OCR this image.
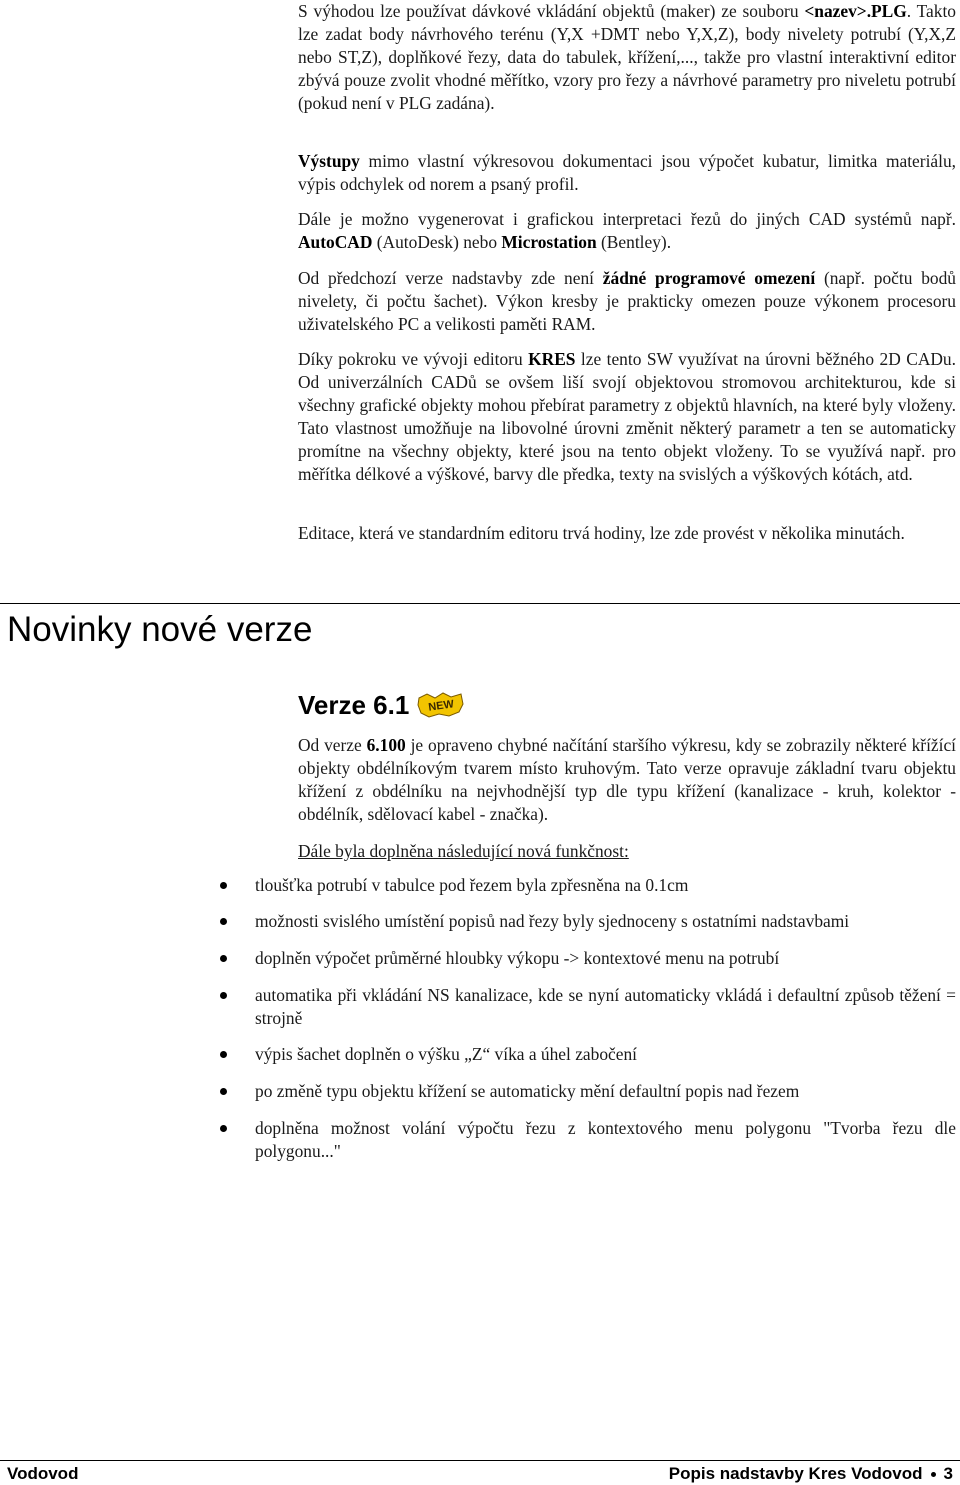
S výhodou lze používat dávkové vkládání objektů (maker) ze souboru <nazev>.PLG. Takto lze zadat body návrhového terénu (Y,X +DMT nebo Y,X,Z), body nivelety potrubí (Y,X,Z nebo ST,Z), doplňkové řezy, data do tabulek, křížení,..., takže pro vlastní interaktivní editor zbývá pouze zvolit vhodné měřítko, vzory pro řezy a návrhové parametry pro niveletu potrubí (pokud není v PLG zadána).

Výstupy mimo vlastní výkresovou dokumentaci jsou výpočet kubatur, limitka materiálu, výpis odchylek od norem a psaný profil.

Dále je možno vygenerovat i grafickou interpretaci řezů do jiných CAD systémů např. AutoCAD (AutoDesk) nebo Microstation (Bentley).

Od předchozí verze nadstavby zde není žádné programové omezení (např. počtu bodů nivelety, či počtu šachet). Výkon kresby je prakticky omezen pouze výkonem procesoru uživatelského PC a velikosti paměti RAM.

Díky pokroku ve vývoji editoru KRES lze tento SW využívat na úrovni běžného 2D CADu. Od univerzálních CADů se ovšem liší svojí objektovou stromovou architekturou, kde si všechny grafické objekty mohou přebírat parametry z objektů hlavních, na které byly vloženy. Tato vlastnost umožňuje na libovolné úrovni změnit některý parametr a ten se automaticky promítne na všechny objekty, které jsou na tento objekt vloženy. To se využívá např. pro měřítka délkové a výškové, barvy dle předka, texty na svislých a výškových kótách, atd.

Editace, která ve standardním editoru trvá hodiny, lze zde provést v několika minutách.

Novinky nové verze
Verze 6.1 NEW

Od verze 6.100 je opraveno chybné načítání staršího výkresu, kdy se zobrazily některé křížící objekty obdélníkovým tvarem místo kruhovým. Tato verze opravuje základní tvaru objektu křížení z obdélníku na nejvhodnější typ dle typu křížení (kanalizace - kruh, kolektor - obdélník, sdělovací kabel - značka).

Dále byla doplněna následující nová funkčnost:

tloušťka potrubí v tabulce pod řezem byla zpřesněna na 0.1cm
možnosti svislého umístění popisů nad řezy byly sjednoceny s ostatními nadstavbami
doplněn výpočet průměrné hloubky výkopu -> kontextové menu na potrubí
automatika při vkládání NS kanalizace, kde se nyní automaticky vkládá i defaultní způsob těžení = strojně
výpis šachet doplněn o výšku „Z“ víka a úhel zabočení
po změně typu objektu křížení se automaticky mění defaultní popis nad řezem
doplněna možnost volání výpočtu řezu z kontextového menu polygonu "Tvorba řezu dle polygonu..."
Vodovod	Popis nadstavby Kres Vodovod 3
